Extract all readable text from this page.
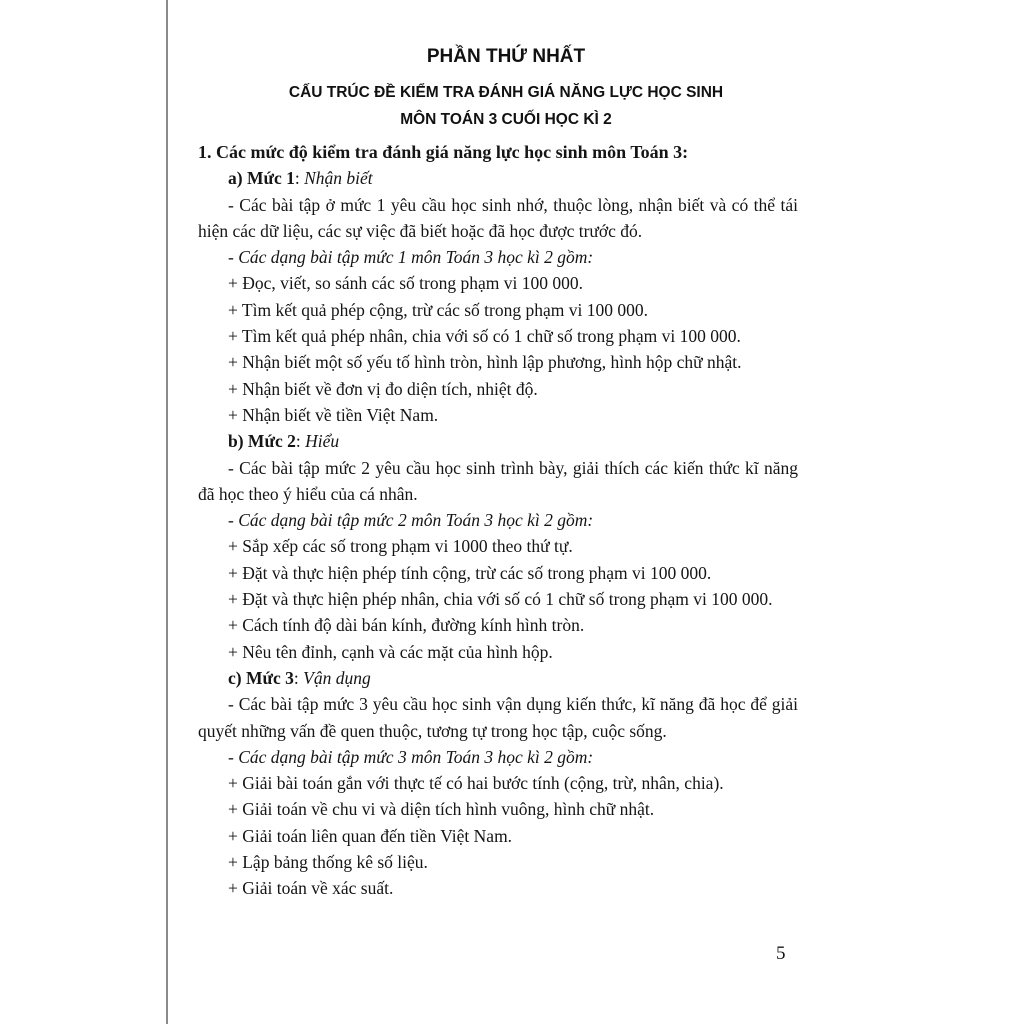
PHẦN THỨ NHẤT
CẤU TRÚC ĐỀ KIỂM TRA ĐÁNH GIÁ NĂNG LỰC HỌC SINH
MÔN TOÁN 3 CUỐI HỌC KÌ 2

1. Các mức độ kiểm tra đánh giá năng lực học sinh môn Toán 3:

a) Mức 1: Nhận biết

- Các bài tập ở mức 1 yêu cầu học sinh nhớ, thuộc lòng, nhận biết và có thể tái hiện các dữ liệu, các sự việc đã biết hoặc đã học được trước đó.

- Các dạng bài tập mức 1 môn Toán 3 học kì 2 gồm:

+ Đọc, viết, so sánh các số trong phạm vi 100 000.

+ Tìm kết quả phép cộng, trừ các số trong phạm vi 100 000.

+ Tìm kết quả phép nhân, chia với số có 1 chữ số trong phạm vi 100 000.

+ Nhận biết một số yếu tố hình tròn, hình lập phương, hình hộp chữ nhật.

+ Nhận biết về đơn vị đo diện tích, nhiệt độ.

+ Nhận biết về tiền Việt Nam.

b) Mức 2: Hiểu

- Các bài tập mức 2 yêu cầu học sinh trình bày, giải thích các kiến thức kĩ năng đã học theo ý hiểu của cá nhân.

- Các dạng bài tập mức 2 môn Toán 3 học kì 2 gồm:

+ Sắp xếp các số trong phạm vi 1000 theo thứ tự.

+ Đặt và thực hiện phép tính cộng, trừ các số trong phạm vi 100 000.

+ Đặt và thực hiện phép nhân, chia với số có 1 chữ số trong phạm vi 100 000.

+ Cách tính độ dài bán kính, đường kính hình tròn.

+ Nêu tên đỉnh, cạnh và các mặt của hình hộp.

c) Mức 3: Vận dụng

- Các bài tập mức 3 yêu cầu học sinh vận dụng kiến thức, kĩ năng đã học để giải quyết những vấn đề quen thuộc, tương tự trong học tập, cuộc sống.

- Các dạng bài tập mức 3 môn Toán 3 học kì 2 gồm:

+ Giải bài toán gắn với thực tế có hai bước tính (cộng, trừ, nhân, chia).

+ Giải toán về chu vi và diện tích hình vuông, hình chữ nhật.

+ Giải toán liên quan đến tiền Việt Nam.

+ Lập bảng thống kê số liệu.

+ Giải toán về xác suất.

5
